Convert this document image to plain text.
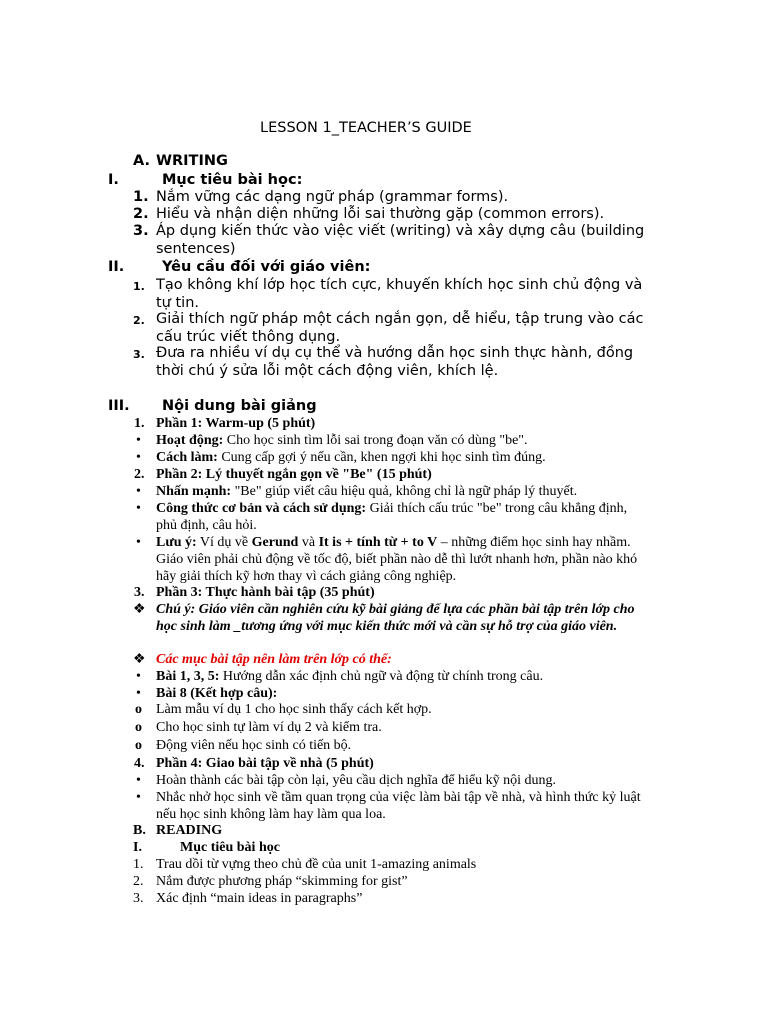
LESSON 1_TEACHER’S GUIDE
A. WRITING
I.	Mục tiêu bài học:
1. Nắm vững các dạng ngữ pháp (grammar forms).
2. Hiểu và nhận diện những lỗi sai thường gặp (common errors).
3. Áp dụng kiến thức vào việc viết (writing) và xây dựng câu (building sentences)
II.	Yêu cầu đối với giáo viên:
1. Tạo không khí lớp học tích cực, khuyến khích học sinh chủ động và tự tin.
2. Giải thích ngữ pháp một cách ngắn gọn, dễ hiểu, tập trung vào các cấu trúc viết thông dụng.
3. Đưa ra nhiều ví dụ cụ thể và hướng dẫn học sinh thực hành, đồng thời chú ý sửa lỗi một cách động viên, khích lệ.
III. Nội dung bài giảng
1. Phần 1: Warm-up (5 phút)
• Hoạt động: Cho học sinh tìm lỗi sai trong đoạn văn có dùng "be".
• Cách làm: Cung cấp gợi ý nếu cần, khen ngợi khi học sinh tìm đúng.
2. Phần 2: Lý thuyết ngắn gọn về "Be" (15 phút)
• Nhấn mạnh: "Be" giúp viết câu hiệu quả, không chỉ là ngữ pháp lý thuyết.
• Công thức cơ bản và cách sử dụng: Giải thích cấu trúc "be" trong câu khẳng định, phủ định, câu hỏi.
• Lưu ý: Ví dụ về Gerund và It is + tính từ + to V – những điểm học sinh hay nhầm. Giáo viên phải chủ động về tốc độ, biết phần nào dễ thì lướt nhanh hơn, phần nào khó hãy giải thích kỹ hơn thay vì cách giảng công nghiệp.
3. Phần 3: Thực hành bài tập (35 phút)
❖ Chú ý: Giáo viên cần nghiên cứu kỹ bài giảng để lựa các phần bài tập trên lớp cho học sinh làm _tương ứng với mục kiến thức mới và cần sự hỗ trợ của giáo viên.
❖ Các mục bài tập nên làm trên lớp có thể:
• Bài 1, 3, 5: Hướng dẫn xác định chủ ngữ và động từ chính trong câu.
• Bài 8 (Kết hợp câu):
o Làm mẫu ví dụ 1 cho học sinh thấy cách kết hợp.
o Cho học sinh tự làm ví dụ 2 và kiểm tra.
o Động viên nếu học sinh có tiến bộ.
4. Phần 4: Giao bài tập về nhà (5 phút)
• Hoàn thành các bài tập còn lại, yêu cầu dịch nghĩa để hiểu kỹ nội dung.
• Nhắc nhở học sinh về tầm quan trọng của việc làm bài tập về nhà, và hình thức kỷ luật nếu học sinh không làm hay làm qua loa.
B. READING
I.	Mục tiêu bài học
1. Trau dồi từ vựng theo chủ đề của unit 1-amazing animals
2. Nắm được phương pháp “skimming for gist”
3. Xác định “main ideas in paragraphs”
